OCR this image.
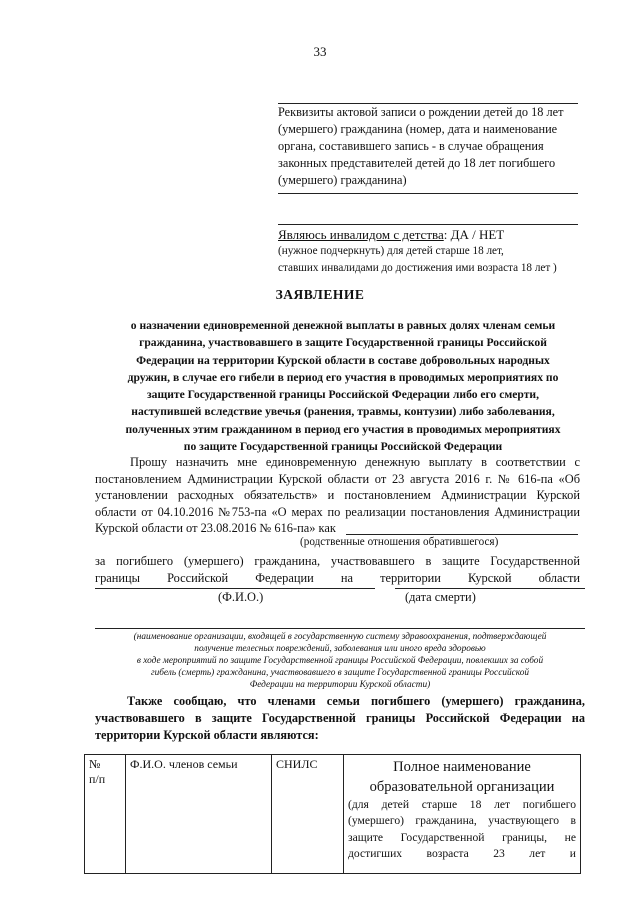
33
Реквизиты актовой записи о рождении детей до 18 лет
(умершего) гражданина (номер, дата и наименование
органа, составившего запись - в случае обращения
законных представителей детей до 18 лет погибшего
(умершего) гражданина)
Являюсь инвалидом с детства: ДА / НЕТ
(нужное подчеркнуть) для детей старше 18 лет,
ставших инвалидами до достижения ими возраста 18 лет )
ЗАЯВЛЕНИЕ
о назначении единовременной денежной выплаты в равных долях членам семьи
гражданина, участвовавшего в защите Государственной границы Российской
Федерации на территории Курской области в составе добровольных народных
дружин, в случае его гибели в период его участия в проводимых мероприятиях по
защите Государственной границы Российской Федерации либо его смерти,
наступившей вследствие увечья (ранения, травмы, контузии) либо заболевания,
полученных этим гражданином в период его участия в проводимых мероприятиях
по защите Государственной границы Российской Федерации
Прошу назначить мне единовременную денежную выплату в соответствии с
постановлением Администрации Курской области от 23 августа 2016 г. № 616-па «Об
установлении расходных обязательств» и постановлением Администрации Курской
области от 04.10.2016 №753-па «О мерах по реализации постановления Администрации
Курской области от 23.08.2016 № 616-па» как
(родственные отношения обратившегося)
за погибшего (умершего) гражданина, участвовавшего в защите Государственной
границы Российской Федерации на территории Курской области
(Ф.И.О.)	(дата смерти)
(наименование организации, входящей в государственную систему здравоохранения, подтверждающей
получение телесных повреждений, заболевания или иного вреда здоровью
в ходе мероприятий по защите Государственной границы Российской Федерации, повлекших за собой
гибель (смерть) гражданина, участвовавшего в защите Государственной границы Российской
Федерации на территории Курской области)
Также сообщаю, что членами семьи погибшего (умершего) гражданина,
участвовавшего в защите Государственной границы Российской Федерации на
территории Курской области являются:
№
п/п
	Ф.И.О. членов семьи	СНИЛС	Полное наименование
образовательной организации
(для детей старше 18 лет погибшего
(умершего) гражданина, участвующего в
защите Государственной границы, не
достигших возраста 23 лет и
